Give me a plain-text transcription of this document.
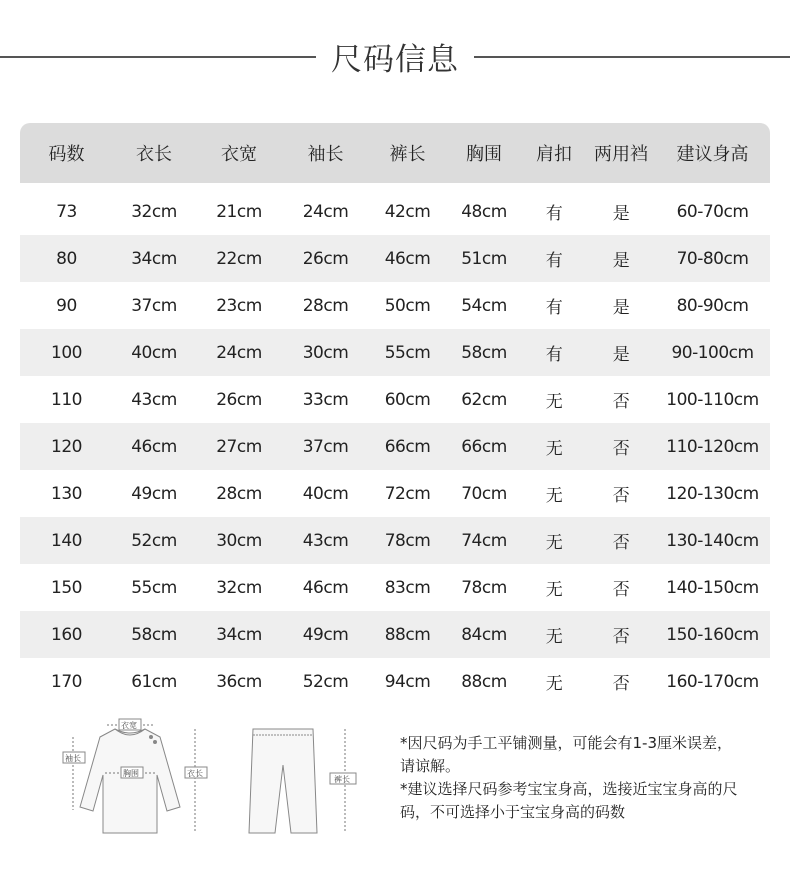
尺码信息
码数	衣长	衣宽	袖长	裤长	胸围	肩扣	两用裆	建议身高
73	32cm	21cm	24cm	42cm	48cm	有	是	60-70cm
80	34cm	22cm	26cm	46cm	51cm	有	是	70-80cm
90	37cm	23cm	28cm	50cm	54cm	有	是	80-90cm
100	40cm	24cm	30cm	55cm	58cm	有	是	90-100cm
110	43cm	26cm	33cm	60cm	62cm	无	否	100-110cm
120	46cm	27cm	37cm	66cm	66cm	无	否	110-120cm
130	49cm	28cm	40cm	72cm	70cm	无	否	120-130cm
140	52cm	30cm	43cm	78cm	74cm	无	否	130-140cm
150	55cm	32cm	46cm	83cm	78cm	无	否	140-150cm
160	58cm	34cm	49cm	88cm	84cm	无	否	150-160cm
170	61cm	36cm	52cm	94cm	88cm	无	否	160-170cm
衣宽
袖长
胸围	衣长
裤长

*因尺码为手工平铺测量，可能会有1-3厘米误差，请谅解。

*建议选择尺码参考宝宝身高，选接近宝宝身高的尺码，不可选择小于宝宝身高的码数
